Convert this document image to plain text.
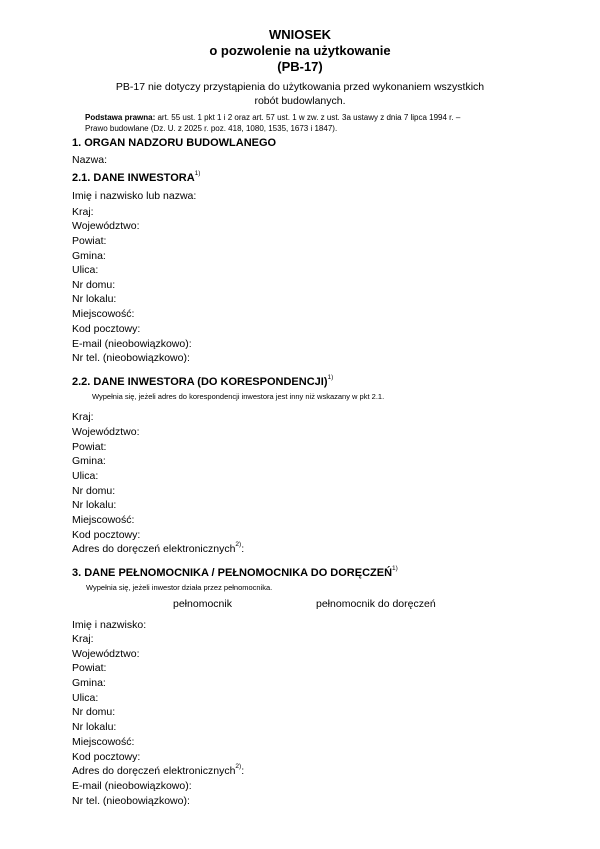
WNIOSEK
o pozwolenie na użytkowanie
(PB-17)
PB-17 nie dotyczy przystąpienia do użytkowania przed wykonaniem wszystkich
robót budowlanych.
Podstawa prawna: art. 55 ust. 1 pkt 1 i 2 oraz art. 57 ust. 1 w zw. z ust. 3a ustawy z dnia 7 lipca 1994 r. –
Prawo budowlane (Dz. U. z 2025 r. poz. 418, 1080, 1535, 1673 i 1847).
1. ORGAN NADZORU BUDOWLANEGO
Nazwa:
2.1. DANE INWESTORA$^{1)}$
Imię i nazwisko lub nazwa:
Kraj:
Województwo:
Powiat:
Gmina:
Ulica:
Nr domu:
Nr lokalu:
Miejscowość:
Kod pocztowy:
E-mail (nieobowiązkowo):
Nr tel. (nieobowiązkowo):
2.2. DANE INWESTORA (DO KORESPONDENCJI)$^{1)}$
Wypełnia się, jeżeli adres do korespondencji inwestora jest inny niż wskazany w pkt 2.1.
Kraj:
Województwo:
Powiat:
Gmina:
Ulica:
Nr domu:
Nr lokalu:
Miejscowość:
Kod pocztowy:
Adres do doręczeń elektronicznych$^{2)}$:
3. DANE PEŁNOMOCNIKA / PEŁNOMOCNIKA DO DORĘCZEŃ$^{1)}$
Wypełnia się, jeżeli inwestor działa przez pełnomocnika.
pełnomocnik	pełnomocnik do doręczeń
Imię i nazwisko:
Kraj:
Województwo:
Powiat:
Gmina:
Ulica:
Nr domu:
Nr lokalu:
Miejscowość:
Kod pocztowy:
Adres do doręczeń elektronicznych$^{2)}$:
E-mail (nieobowiązkowo):
Nr tel. (nieobowiązkowo):
